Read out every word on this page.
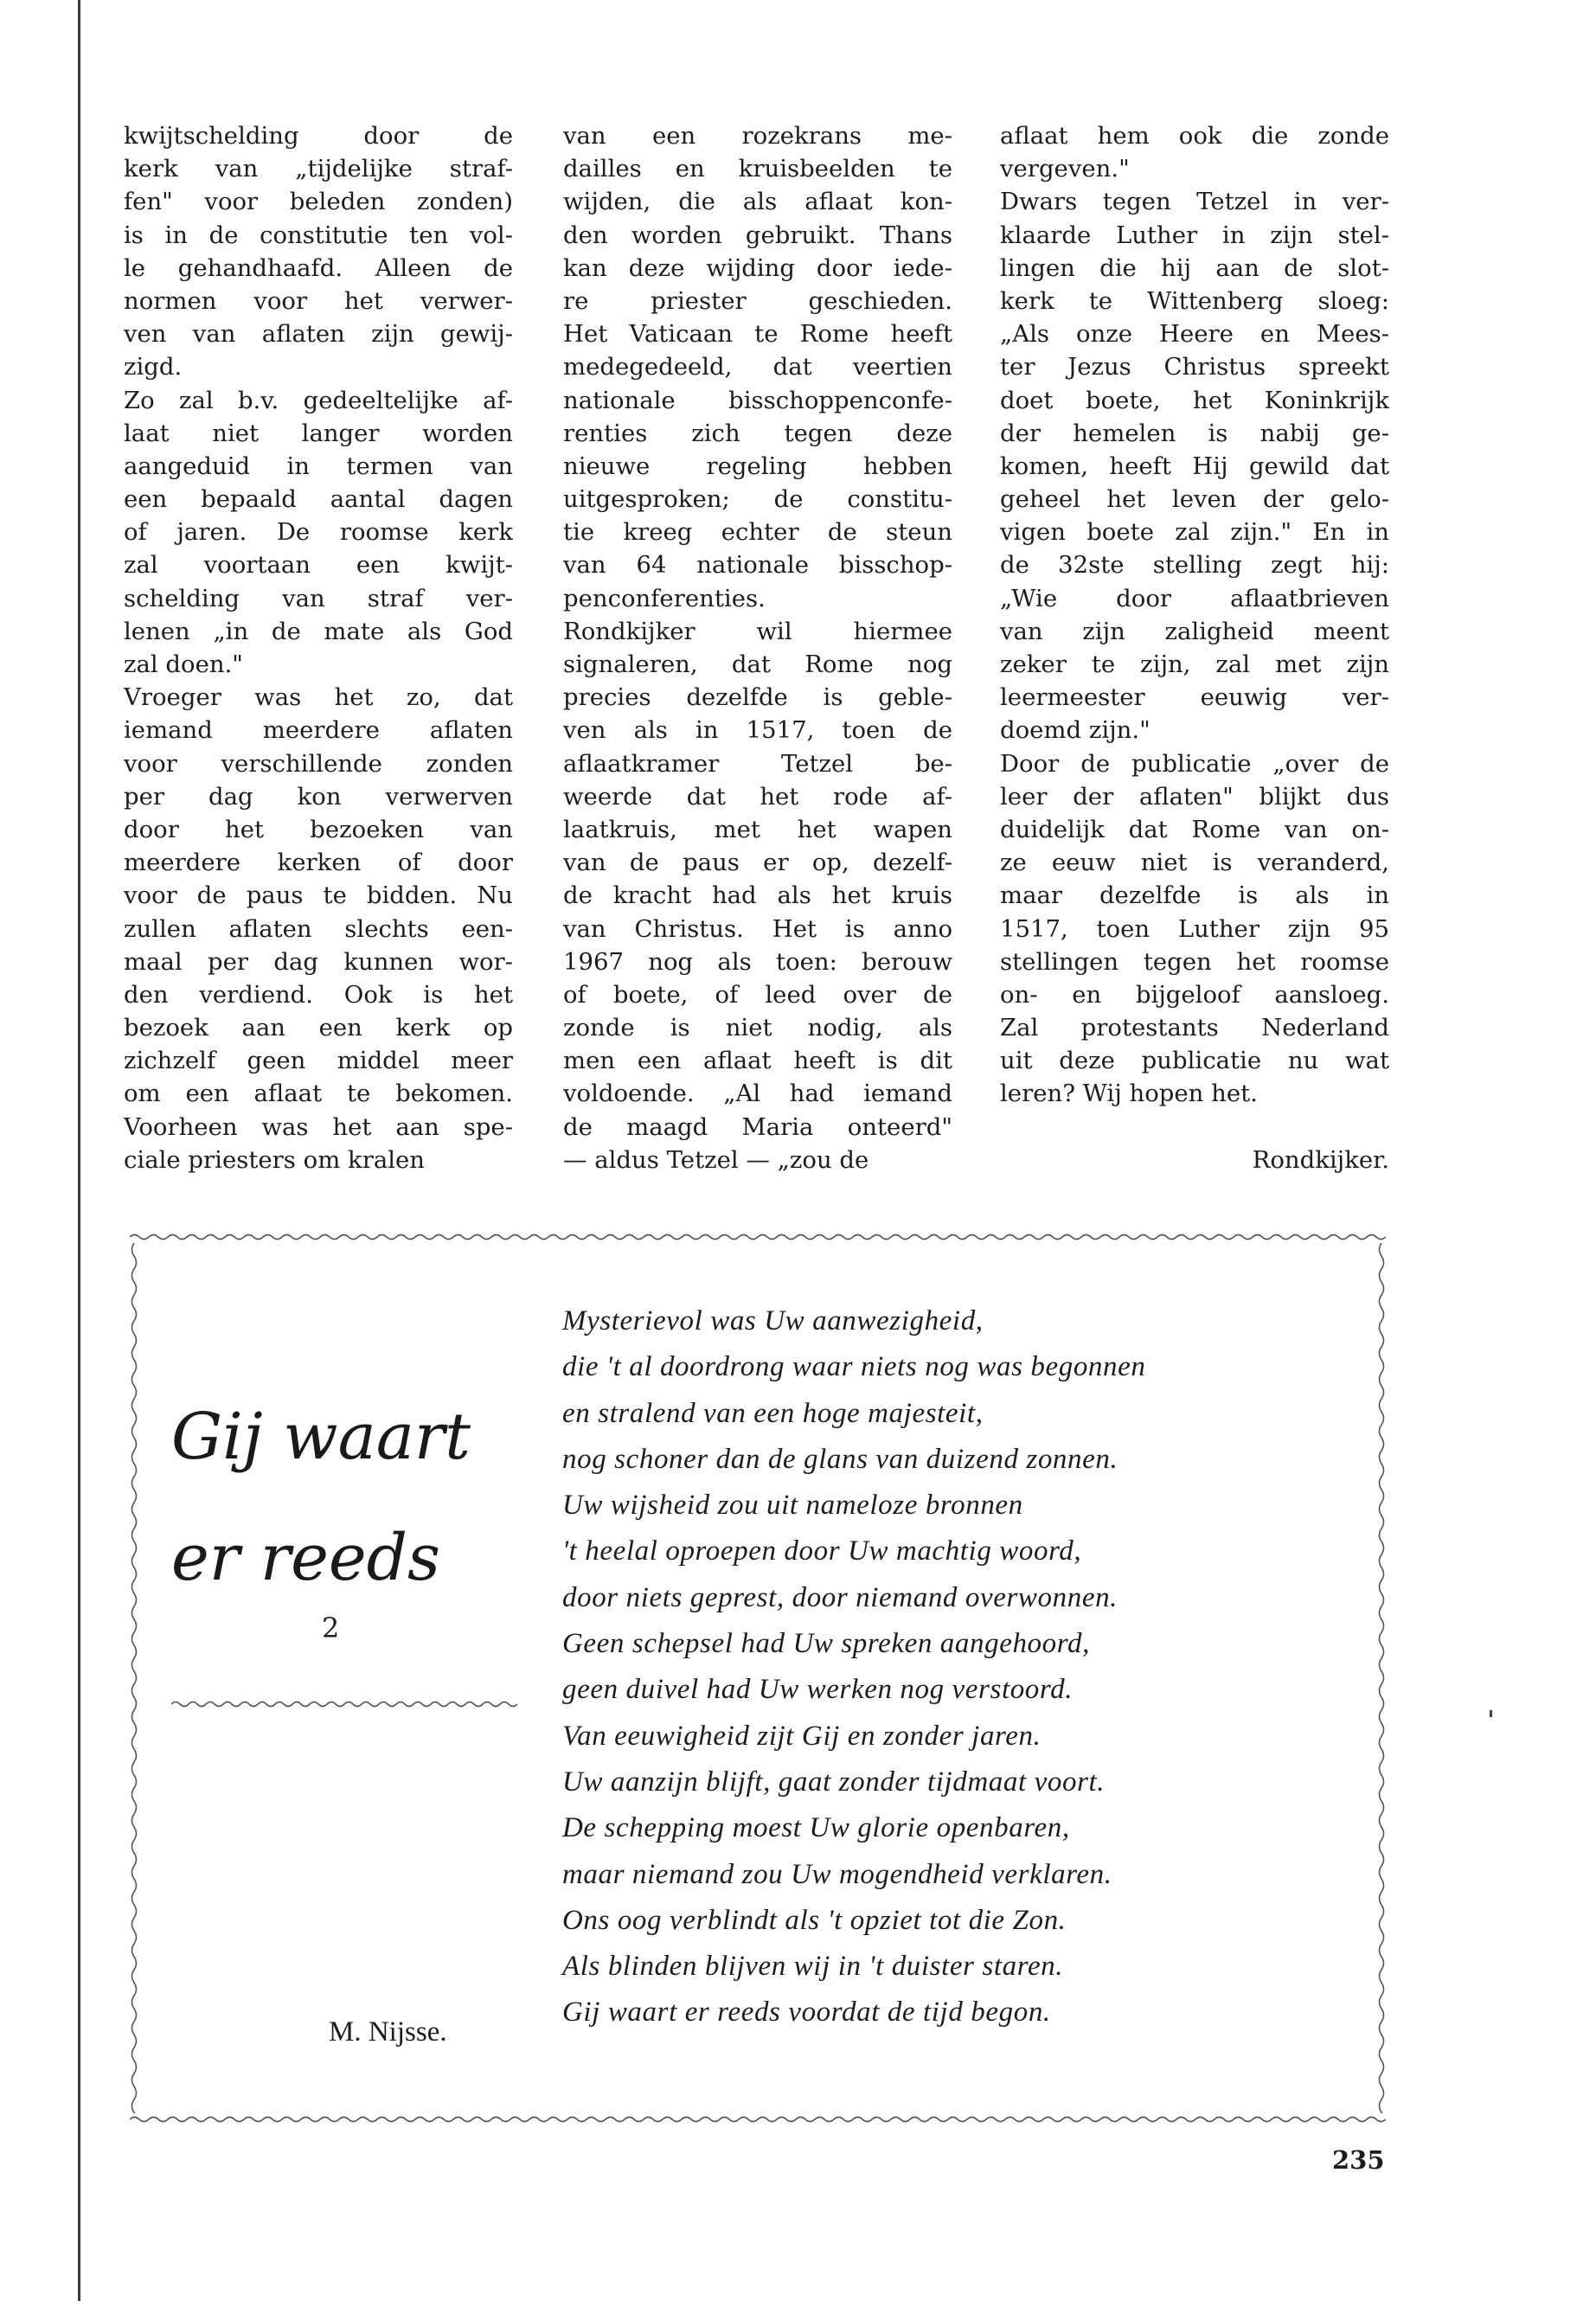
kwijtschelding door de
kerk van „tijdelijke straf-
fen" voor beleden zonden)
is in de constitutie ten vol-
le gehandhaafd. Alleen de
normen voor het verwer-
ven van aflaten zijn gewij-
zigd.
Zo zal b.v. gedeeltelijke af-
laat niet langer worden
aangeduid in termen van
een bepaald aantal dagen
of jaren. De roomse kerk
zal voortaan een kwijt-
schelding van straf ver-
lenen „in de mate als God
zal doen."
Vroeger was het zo, dat
iemand meerdere aflaten
voor verschillende zonden
per dag kon verwerven
door het bezoeken van
meerdere kerken of door
voor de paus te bidden. Nu
zullen aflaten slechts een-
maal per dag kunnen wor-
den verdiend. Ook is het
bezoek aan een kerk op
zichzelf geen middel meer
om een aflaat te bekomen.
Voorheen was het aan spe-
ciale priesters om kralen
van een rozekrans me-
dailles en kruisbeelden te
wijden, die als aflaat kon-
den worden gebruikt. Thans
kan deze wijding door iede-
re priester geschieden.
Het Vaticaan te Rome heeft
medegedeeld, dat veertien
nationale bisschoppenconfe-
renties zich tegen deze
nieuwe regeling hebben
uitgesproken; de constitu-
tie kreeg echter de steun
van 64 nationale bisschop-
penconferenties.
Rondkijker wil hiermee
signaleren, dat Rome nog
precies dezelfde is geble-
ven als in 1517, toen de
aflaatkramer Tetzel be-
weerde dat het rode af-
laatkruis, met het wapen
van de paus er op, dezelf-
de kracht had als het kruis
van Christus. Het is anno
1967 nog als toen: berouw
of boete, of leed over de
zonde is niet nodig, als
men een aflaat heeft is dit
voldoende. „Al had iemand
de maagd Maria onteerd"
— aldus Tetzel — „zou de
aflaat hem ook die zonde
vergeven."
Dwars tegen Tetzel in ver-
klaarde Luther in zijn stel-
lingen die hij aan de slot-
kerk te Wittenberg sloeg:
„Als onze Heere en Mees-
ter Jezus Christus spreekt
doet boete, het Koninkrijk
der hemelen is nabij ge-
komen, heeft Hij gewild dat
geheel het leven der gelo-
vigen boete zal zijn." En in
de 32ste stelling zegt hij:
„Wie door aflaatbrieven
van zijn zaligheid meent
zeker te zijn, zal met zijn
leermeester eeuwig ver-
doemd zijn."
Door de publicatie „over de
leer der aflaten" blijkt dus
duidelijk dat Rome van on-
ze eeuw niet is veranderd,
maar dezelfde is als in
1517, toen Luther zijn 95
stellingen tegen het roomse
on- en bijgeloof aansloeg.
Zal protestants Nederland
uit deze publicatie nu wat
leren? Wij hopen het.
Rondkijker.
Gij waart
er reeds
2
M. Nijsse.
Mysterievol was Uw aanwezigheid,
die 't al doordrong waar niets nog was begonnen
en stralend van een hoge majesteit,
nog schoner dan de glans van duizend zonnen.
Uw wijsheid zou uit nameloze bronnen
't heelal oproepen door Uw machtig woord,
door niets geprest, door niemand overwonnen.
Geen schepsel had Uw spreken aangehoord,
geen duivel had Uw werken nog verstoord.
Van eeuwigheid zijt Gij en zonder jaren.
Uw aanzijn blijft, gaat zonder tijdmaat voort.
De schepping moest Uw glorie openbaren,
maar niemand zou Uw mogendheid verklaren.
Ons oog verblindt als 't opziet tot die Zon.
Als blinden blijven wij in 't duister staren.
Gij waart er reeds voordat de tijd begon.
235
